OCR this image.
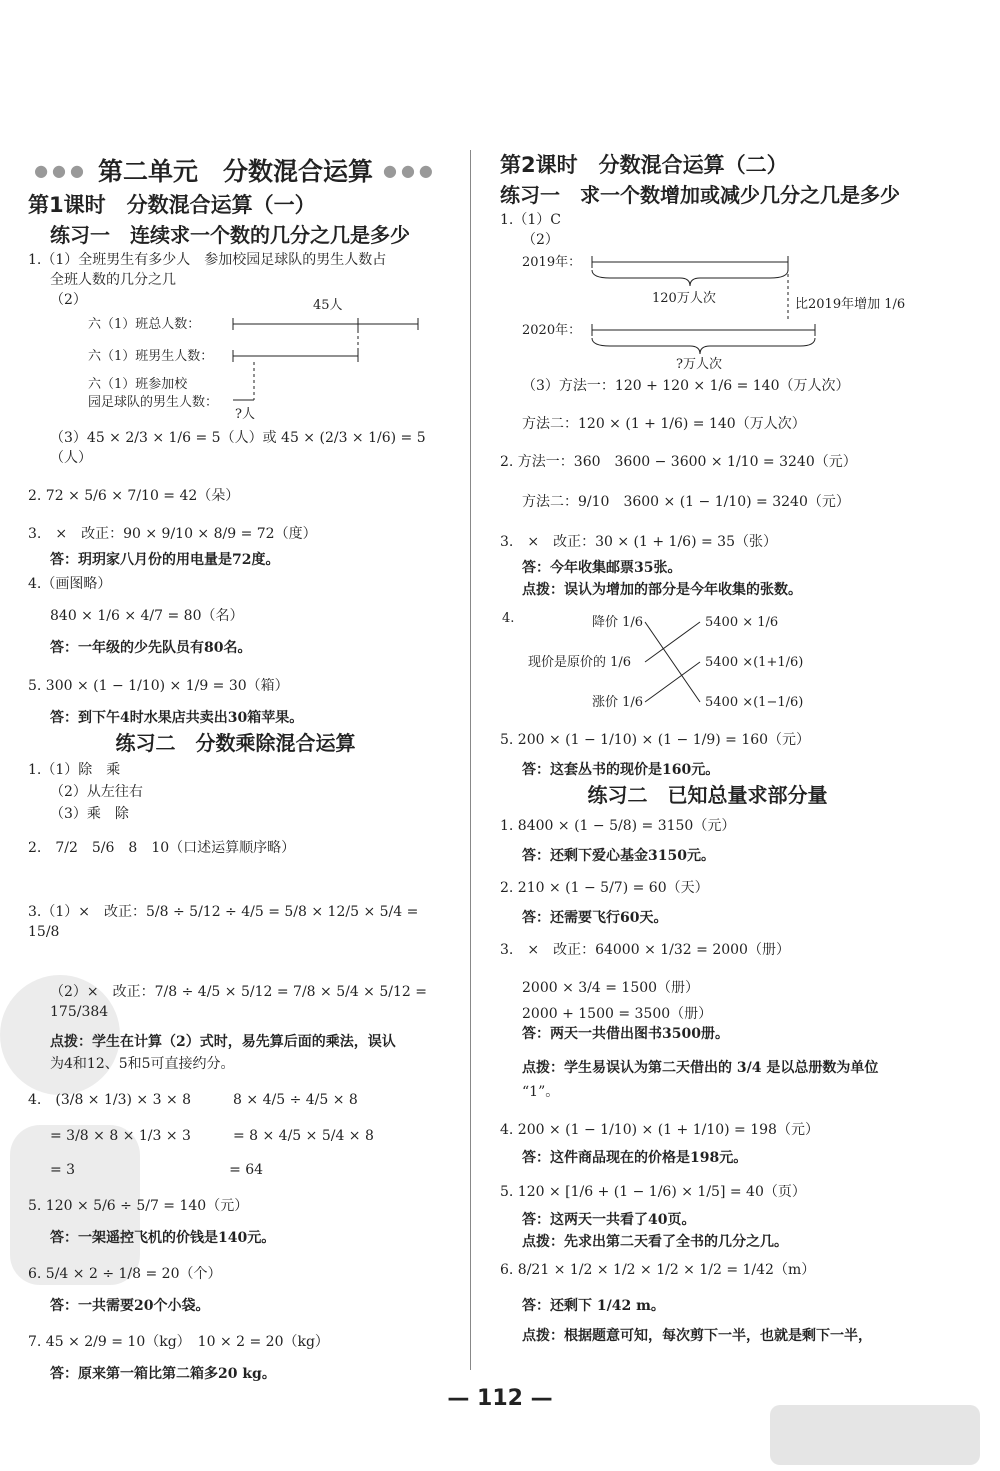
●●● 第二单元　分数混合运算 ●●●
第1课时　分数混合运算（一）
练习一　连续求一个数的几分之几是多少
1.（1）全班男生有多少人　参加校园足球队的男生人数占
全班人数的几分之几
（2）
六（1）班总人数：
45人
六（1）班男生人数：
六（1）班参加校
园足球队的男生人数：
?人
（3）45 × 2/3 × 1/6 = 5（人）或 45 × (2/3 × 1/6) = 5（人）
2. 72 × 5/6 × 7/10 = 42（朵）
3.　×　改正：90 × 9/10 × 8/9 = 72（度）
答：玥玥家八月份的用电量是72度。
4.（画图略）
840 × 1/6 × 4/7 = 80（名）
答：一年级的少先队员有80名。
5. 300 × (1 − 1/10) × 1/9 = 30（箱）
答：到下午4时水果店共卖出30箱苹果。
练习二　分数乘除混合运算
1.（1）除　乘
（2）从左往右
（3）乘　除
2.　7/2　5/6　8　10（口述运算顺序略）
3.（1）×　改正：5/8 ÷ 5/12 ÷ 4/5 = 5/8 × 12/5 × 5/4 = 15/8
（2）×　改正：7/8 ÷ 4/5 × 5/12 = 7/8 × 5/4 × 5/12 = 175/384
点拨：学生在计算（2）式时，易先算后面的乘法，误认
为4和12、5和5可直接约分。
4.　(3/8 × 1/3) × 3 × 8　　　8 × 4/5 ÷ 4/5 × 8
= 3/8 × 8 × 1/3 × 3　　　= 8 × 4/5 × 5/4 × 8
= 3　　　　　　　　　　　= 64
5. 120 × 5/6 ÷ 5/7 = 140（元）
答：一架遥控飞机的价钱是140元。
6. 5/4 × 2 ÷ 1/8 = 20（个）
答：一共需要20个小袋。
7. 45 × 2/9 = 10（kg）　10 × 2 = 20（kg）
答：原来第一箱比第二箱多20 kg。
第2课时　分数混合运算（二）
练习一　求一个数增加或减少几分之几是多少
1.（1）C
（2）
2019年：
120万人次	比2019年增加 1/6
2020年：
?万人次
（3）方法一：120 + 120 × 1/6 = 140（万人次）
方法二：120 × (1 + 1/6) = 140（万人次）
2. 方法一：360　3600 − 3600 × 1/10 = 3240（元）
方法二：9/10　3600 × (1 − 1/10) = 3240（元）
3.　×　改正：30 × (1 + 1/6) = 35（张）
答：今年收集邮票35张。
点拨：误认为增加的部分是今年收集的张数。
4.	降价 1/6
现价是原价的 1/6
涨价 1/6
5400 × 1/6
5400 ×(1+1/6)
5400 ×(1−1/6)
5. 200 × (1 − 1/10) × (1 − 1/9) = 160（元）
答：这套丛书的现价是160元。
练习二　已知总量求部分量
1. 8400 × (1 − 5/8) = 3150（元）
答：还剩下爱心基金3150元。
2. 210 × (1 − 5/7) = 60（天）
答：还需要飞行60天。
3.　×　改正：64000 × 1/32 = 2000（册）
2000 × 3/4 = 1500（册）
2000 + 1500 = 3500（册）
答：两天一共借出图书3500册。
点拨：学生易误认为第二天借出的 3/4 是以总册数为单位
“1”。
4. 200 × (1 − 1/10) × (1 + 1/10) = 198（元）
答：这件商品现在的价格是198元。
5. 120 × [1/6 + (1 − 1/6) × 1/5] = 40（页）
答：这两天一共看了40页。
点拨：先求出第二天看了全书的几分之几。
6. 8/21 × 1/2 × 1/2 × 1/2 × 1/2 = 1/42（m）
答：还剩下 1/42 m。
点拨：根据题意可知，每次剪下一半，也就是剩下一半，
— 112 —
